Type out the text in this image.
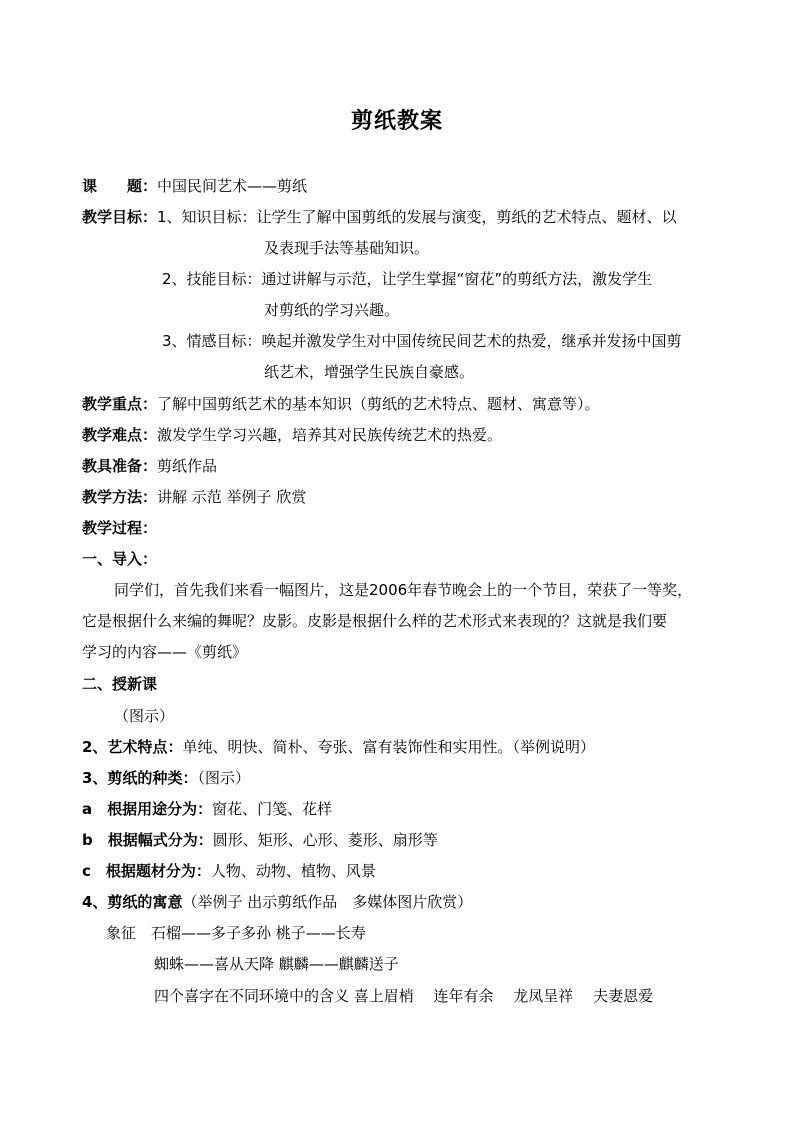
剪纸教案
课　　题：中国民间艺术——剪纸
教学目标：1、知识目标：让学生了解中国剪纸的发展与演变，剪纸的艺术特点、题材、以
及表现手法等基础知识。
2、技能目标：通过讲解与示范，让学生掌握“窗花”的剪纸方法，激发学生
对剪纸的学习兴趣。
3、情感目标：唤起并激发学生对中国传统民间艺术的热爱，继承并发扬中国剪
纸艺术，增强学生民族自豪感。
教学重点：了解中国剪纸艺术的基本知识（剪纸的艺术特点、题材、寓意等）。
教学难点：激发学生学习兴趣，培养其对民族传统艺术的热爱。
教具准备：剪纸作品
教学方法：讲解 示范 举例子 欣赏
教学过程：
一、导入：
同学们，首先我们来看一幅图片，这是2006年春节晚会上的一个节目，荣获了一等奖，
它是根据什么来编的舞呢？皮影。皮影是根据什么样的艺术形式来表现的？这就是我们要
学习的内容——《剪纸》
二、授新课
（图示）
2、艺术特点：单纯、明快、简朴、夸张、富有装饰性和实用性。（举例说明）
3、剪纸的种类：（图示）
a　根据用途分为：窗花、门笺、花样
b　根据幅式分为：圆形、矩形、心形、菱形、扇形等
c　根据题材分为：人物、动物、植物、风景
4、剪纸的寓意（举例子 出示剪纸作品　多媒体图片欣赏）
象征　石榴——多子多孙 桃子——长寿
蜘蛛——喜从天降 麒麟——麒麟送子
四个喜字在不同环境中的含义 喜上眉梢　 连年有余　 龙凤呈祥　 夫妻恩爱
